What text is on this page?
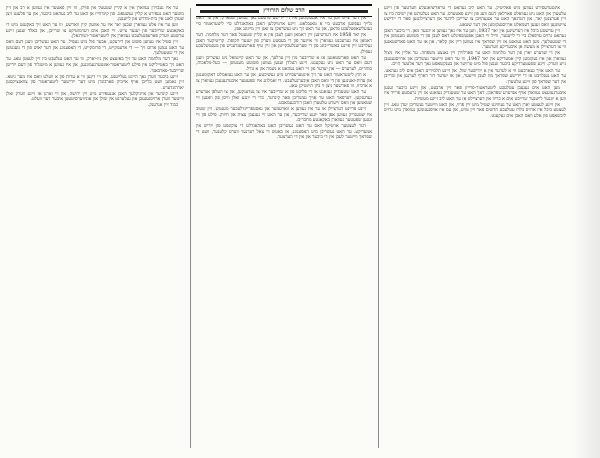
ער איז געבוירן געווארן אין א קליין שטעטל אין פוילן, ווו זיין פאטער איז געווען א רב און זיין מוטער האט געפירט א קליין געשעפט. פון קינדווייז אן האט ער ליב געהאט ביכער, און ער פלעגט זיצן שעהן לאנג אין בית-מדרש און לייענען.

ווען ער איז אלט געווארן זעכצן יאר איז ער אוועק קיין ווארשע, ווו ער האט זיך באקענט מיט די באקאנטע שרייבער פון יענער צייט. זיי האבן אים דערמוטיקט צו שרייבן, און באלד זענען זיינע ערשטע ווערק פארעפנטלעכט געווארן אין ליטעראטור-זשורנאלן.

זיין סטיל איז געווען פשוט און דירעקט, אבער פול מיט געפיל. ער האט געשריבן וועגן דעם וואס ער האט געזען ארום זיך — די ארעמקייט, די פרומקייט, די האפענונג און דער יאוש פון די מענטשן אין די שטעטלעך.

נאך דער מלחמה האט ער זיך באזעצט אין ניו-יארק, ווו ער האט געלעבט ביז זיין לעצטן טאג. ער האט זיך באטייליקט אין פילע ליטעראטור-אונטערנעמונגען, און איז געווען א מיטגליד פון דעם ייִדישן שרייבער-פארבאנד.

זיינע ביכער ווערן נאך היינט געלייענט, און זיי דינען ווי א עדות פון א וועלט וואס איז מער ניטא. זיין נאמען וועט בלייבן אויף אייביק פארבונדן מיט דער ייִדישער ליטעראטור פון צוואנציקסטן יארהונדערט.

זיינע קינדער און אייניקלעך האבן אנגעפירט מיט זיין ירושה, און זיי זארגן אז זיינע ווערק זאלן ווייטער ווערן ארויסגעגעבן און געלערנט אין שולן און אוניווערסיטעטן איבער דער וועלט.

כבוד זיין אנדענק.

הרב שלום הורוויץ

אין דער צייט ווען ער איז אנגעקומען איז די ייִדישע פרעסע נאך געווען שטארק, און ער האט גלייך געפונען ארבעט ביי א טאגבלאט. זיינע ארטיקלען האבן באהאנדלט סיי ליטעראטור סיי געזעלשאפטלעכע פראגן, און ער האט זיך ניט געשראקן צו זאגן זיין מיינונג אפן.

אין יאר 1958 איז דערשינען זיין ראמאן וועגן לעבן אין א קליין שטעטל פאר דער מלחמה. דער ראמאן איז גערעכנט געווארן ווי איינער פון די בעסטע ווערק פון יענער תקופה. קריטיקער האבן געלויבט זיין פיינע באשרייבונג פון די פערזענלעכקייטן און זיין טיף פארשטענדעניש פון מענטשלעכע געפילן.

ער האט פארשטאנען אז א שרייבער מוז זיין ערלעך, און ער האט קיינמאל ניט געשריבן וועגן דעם וואס ער האט ניט געקענט. זיינע העלדן זענען געווען פשוטע מענטשן — בעל-מלאכות, סוחרים, לערערס — און יעדער פון זיי האט געהאט א נשמה און א גורל.

א חוץ ליטעראטור האט ער זיך אינטערעסירט מיט געשיכטע, און ער האט געזאמלט דאקומענטן און עדות-זאגונגען פון די וואס האבן איבערגעלעבט. די זאמלונג איז שפעטער איבערגעגעבן געווארן צו א ארכיוו, ווו פארשער ניצן זי ביזן היינטיקן טאג.

ער האט שטענדיק געזאגט אז די פליכט פון א שרייבער איז צו געדענקען, און צו העלפן אנדערע געדענקען. דערפאר האט ער אויך געשריבן פאר קינדער, כדי די יונגע זאלן וויסן פון וואנען זיי שטאמען און וואס זייערע עלטערן האבן דורכגעמאכט.

זיינע פריינט דערציילן אז ער איז געווען א ווארעמער און גאסטפריינדלעכער מענטש. זיין שטוב איז שטענדיק געווען אפן פאר יונגע שרייבער, און ער האט זיי געגעבן עצות און חיזוק. פילע פון זיי זענען שפעטער געווארן באקאנטע מחברים.

דער לעצטער ארטיקל וואס ער האט געשריבן האט באהאנדלט די צוקונפט פון ייִדיש אין אמעריקע. ער האט געשריבן מיט האפענונג, אז כאטש די צאל רעדנער ווערט קלענער, וועט די שפראך ווייטער לעבן אין די ביכער און אין די הערצער.

אינטערעסירט געווען מיט פאליטיק. ער האט ליב געהאט די טראדיציאנעלע ווערטער פון זיינע עלטערן און האט ניט געוואלט פארלאזן דעם וועג פון זיינע פאטערס. ער האט געלערנט אין ישיבה ביז צו זיין פערצנטן יאר, און דערנאך האט ער אנגעהויבן צו שרייבן לידער און דערציילונגען פאר די ייִדישע צייטונגען וואס זענען דעמאלט ארויסגעקומען אין דער שטאט.

זיין ערשטע ביכל איז דערשינען אין יאר 1937, ווען ער איז נאך געווען א יונגער מאן. די ביכער האבן געהאט גרויס ערפאלג ביי די לייענער, ווייל זיי האבן אפגעשפיגלט דאס לעבן פון די פשוטע מענטשן אין די שטעטלעך. מען האט געזאגט אז זיין שפראך איז געווען ריין און קלאר, און אז ער האט פארשטאנען ווי צו דערציילן א מעשה אן איבעריקע ווערטער.

אין די שווערע יארן פון דער מלחמה האט ער פארלוירן זיין גאנצע משפחה. ער אליין איז ניצול געווארן און איז געקומען קיין אמעריקע אין יאר 1947, ווו ער האט ווייטער געשריבן און ארויסגעגעבן נייע ווערק. זיינע שפעטערדיקע ביכער זענען פול מיט טרויער און בענקשאפט נאך דער אלטער היים.

ער האט אויך געארבעט ווי א לערער אין א ייִדישער שול, און זיינע תלמידים האבן אים ליב געהאט. ער האט געגלויבט אז די ייִדישע שפראך מוז לעבן ווייטער, און אז יעדער דור דארף לערנען און שרייבן אין דער שפראך פון זיינע עלטערן.

מען האט אים געגעבן עטלעכע ליטעראטור-פרייזן פאר זיין ארבעט, און זיינע ביכער זענען איבערגעזעצט געווארן אויף אנדערע שפראכן. דאך האט ער שטענדיק געזאגט אז זיין גרעסטע פרייד איז ווען א יונגער לייענער שרייבט אים א בריוו און דערציילט אז ער האט ליב זיינע מעשיות.

אין זיינע לעצטע יארן האט ער געוווינט שטיל מיט זיין פרוי, און האט ווייטער געשריבן יעדן טאג. זיין לעצטע ביכל איז ארויס בלויז עטלעכע חדשים פאר זיין טויט, און עס איז אויפגענומען געווארן מיט גרויס ליבשאפט פון אלע וואס האבן אים געקענט.
